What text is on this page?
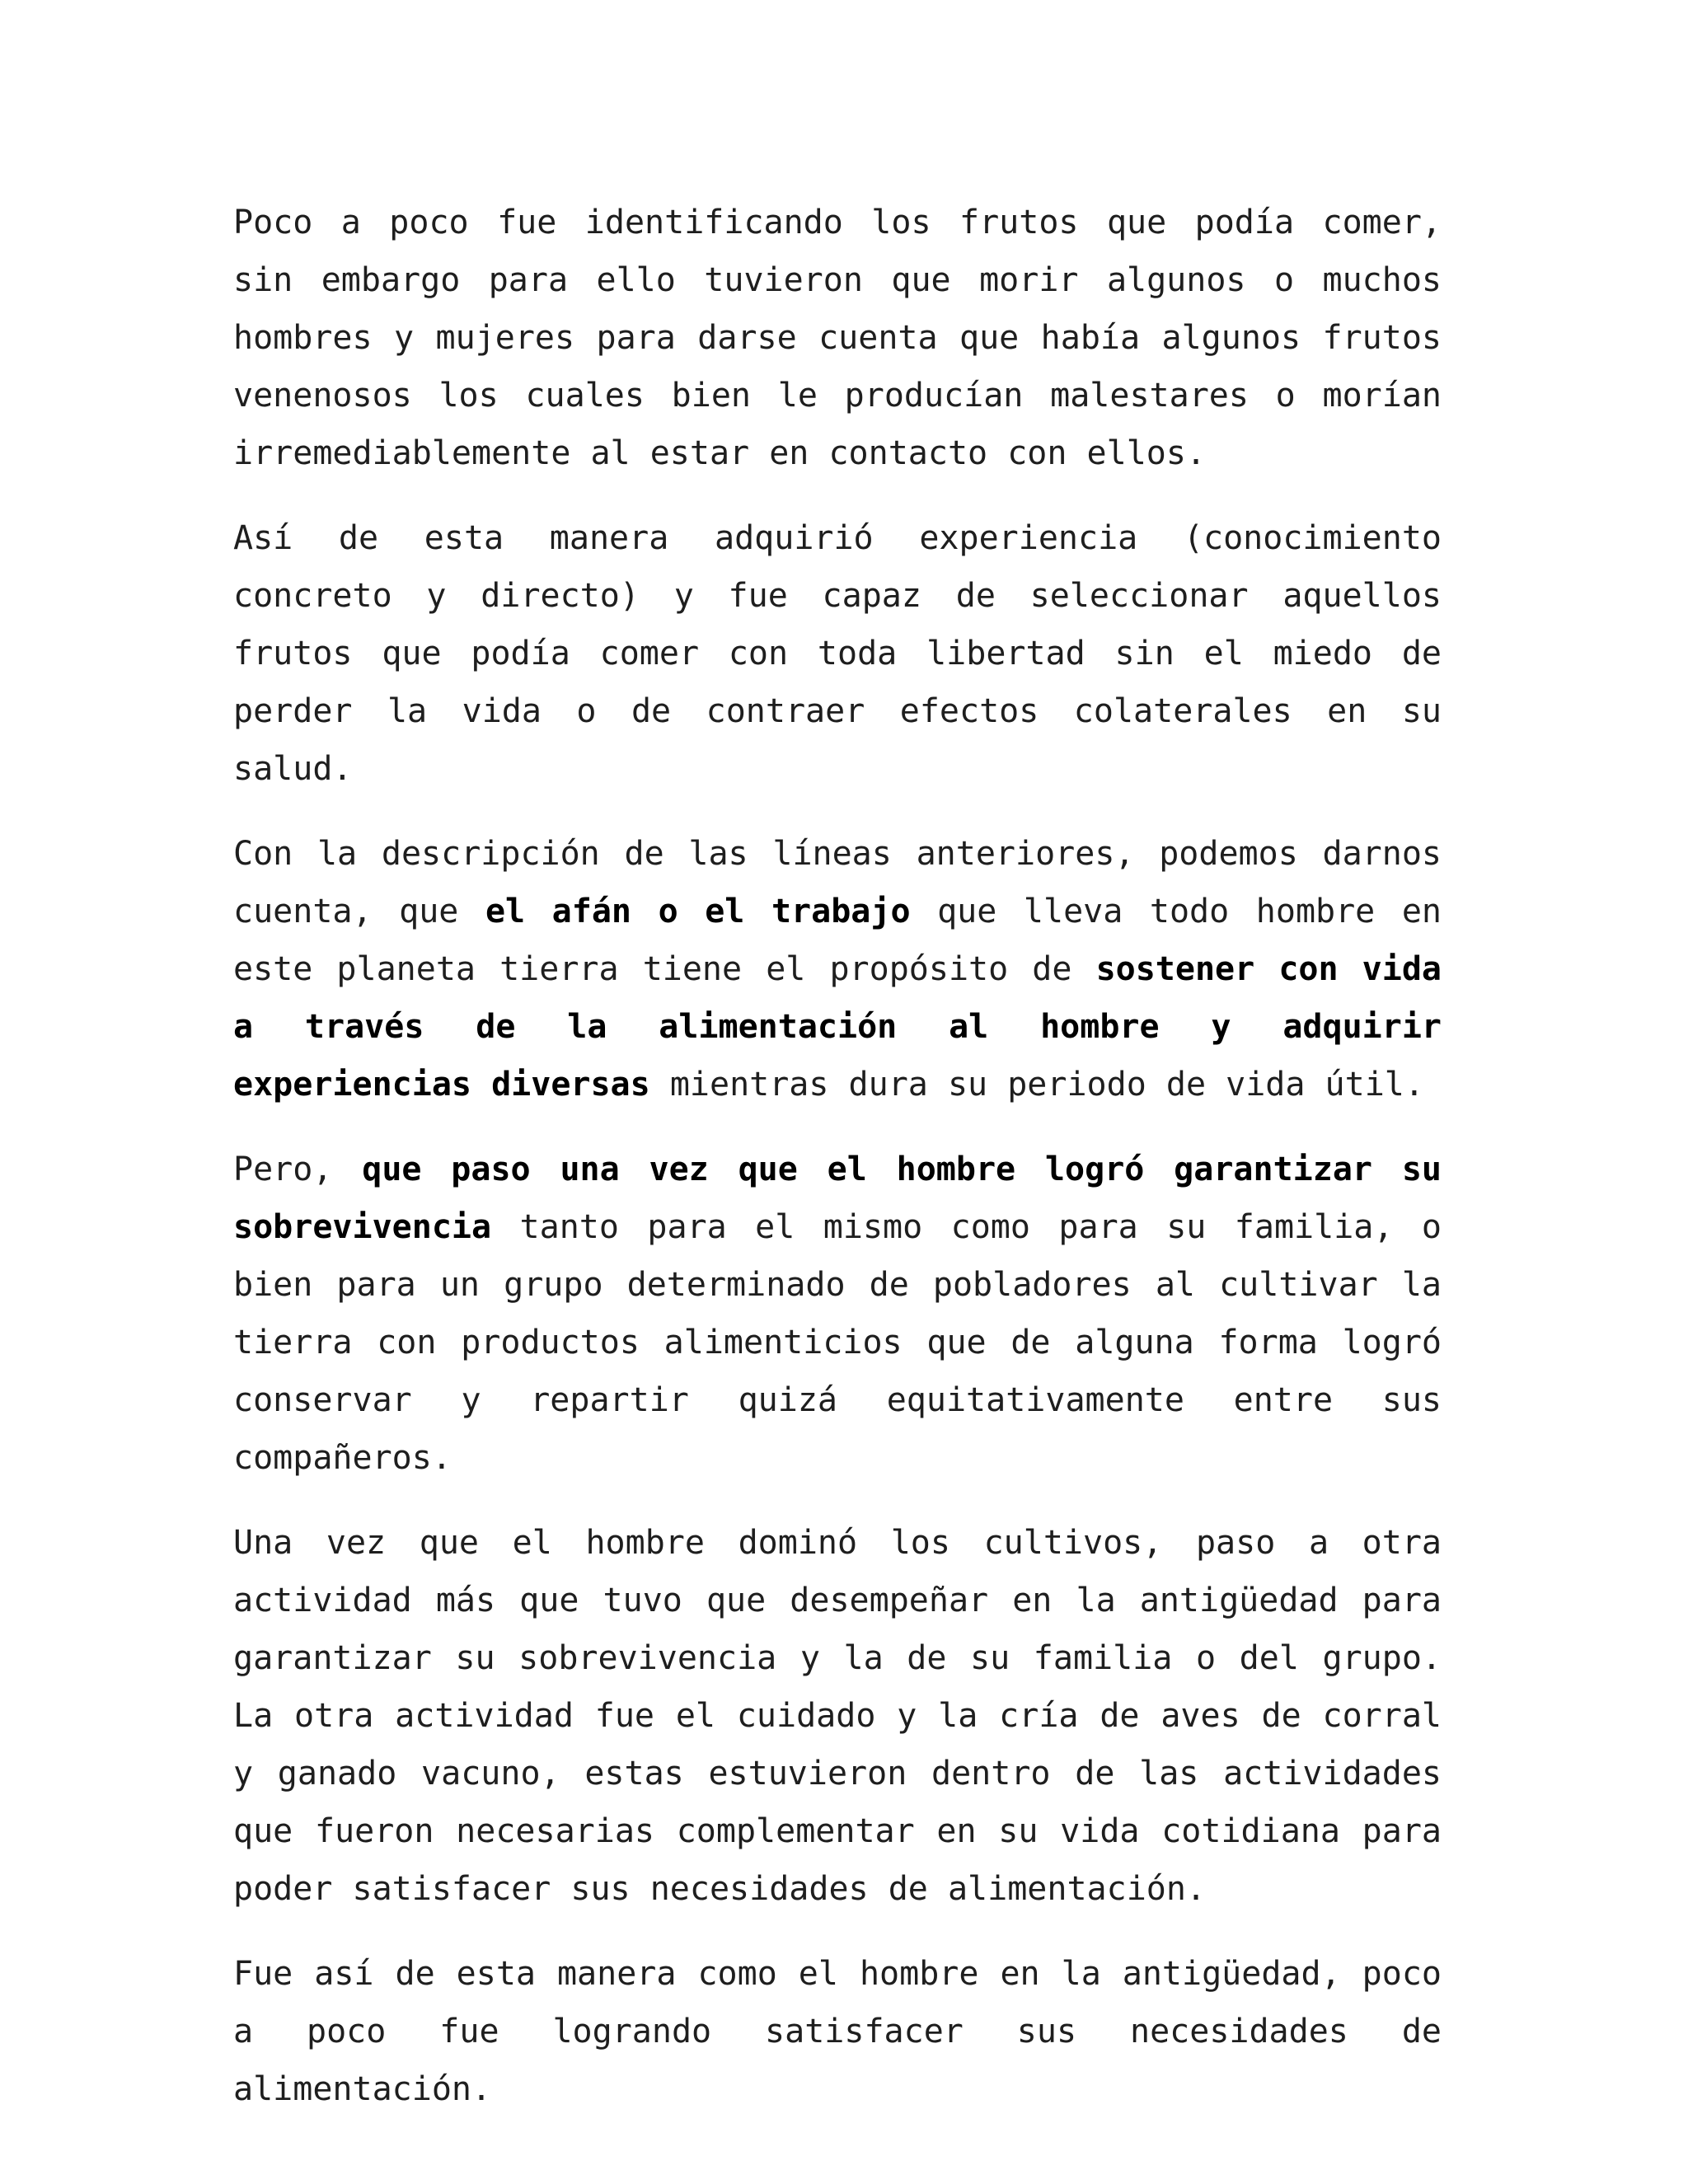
Poco a poco fue identificando los frutos que podía comer, sin embargo para ello tuvieron que morir algunos o muchos hombres y mujeres para darse cuenta que había algunos frutos venenosos los cuales bien le producían malestares o morían irremediablemente al estar en contacto con ellos.

Así de esta manera adquirió experiencia (conocimiento concreto y directo) y fue capaz de seleccionar aquellos frutos que podía comer con toda libertad sin el miedo de perder la vida o de contraer efectos colaterales en su salud.

Con la descripción de las líneas anteriores, podemos darnos cuenta, que el afán o el trabajo que lleva todo hombre en este planeta tierra tiene el propósito de sostener con vida a través de la alimentación al hombre y adquirir experiencias diversas mientras dura su periodo de vida útil.

Pero, que paso una vez que el hombre logró garantizar su sobrevivencia tanto para el mismo como para su familia, o bien para un grupo determinado de pobladores al cultivar la tierra con productos alimenticios que de alguna forma logró conservar y repartir quizá equitativamente entre sus compañeros.

Una vez que el hombre dominó los cultivos, paso a otra actividad más que tuvo que desempeñar en la antigüedad para garantizar su sobrevivencia y la de su familia o del grupo. La otra actividad fue el cuidado y la cría de aves de corral y ganado vacuno, estas estuvieron dentro de las actividades que fueron necesarias complementar en su vida cotidiana para poder satisfacer sus necesidades de alimentación.

Fue así de esta manera como el hombre en la antigüedad, poco a poco fue logrando satisfacer sus necesidades de alimentación.
